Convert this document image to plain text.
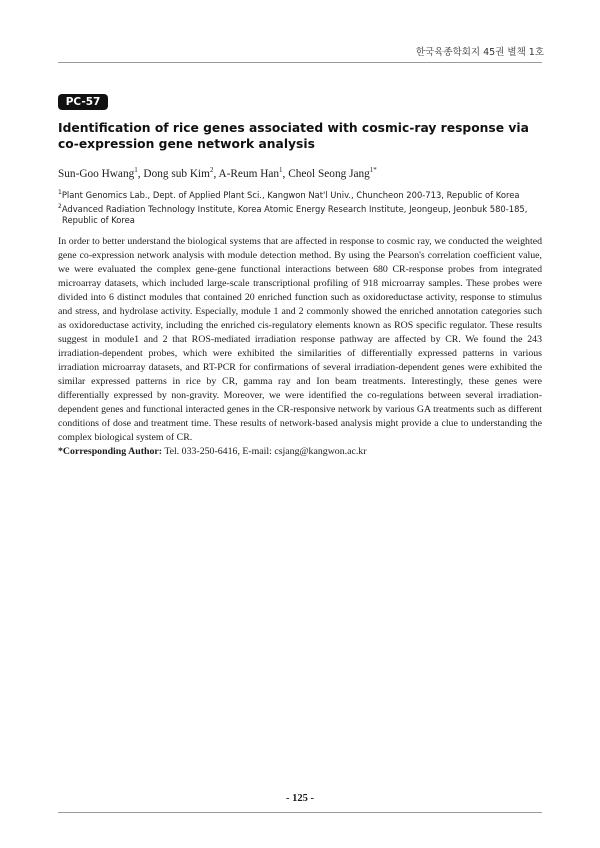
한국육종학회지 45권 별책 1호
PC-57
Identification of rice genes associated with cosmic-ray response via co-expression gene network analysis
Sun-Goo Hwang$^1$, Dong sub Kim$^2$, A-Reum Han$^1$, Cheol Seong Jang$^{1*}$
$^1$Plant Genomics Lab., Dept. of Applied Plant Sci., Kangwon Nat'l Univ., Chuncheon 200-713, Republic of Korea
$^2$Advanced Radiation Technology Institute, Korea Atomic Energy Research Institute, Jeongeup, Jeonbuk 580-185,
Republic of Korea

In order to better understand the biological systems that are affected in response to cosmic ray, we conducted the weighted gene co-expression network analysis with module detection method. By using the Pearson's correlation coefficient value, we were evaluated the complex gene-gene functional interactions between 680 CR-response probes from integrated microarray datasets, which included large-scale transcriptional profiling of 918 microarray samples. These probes were divided into 6 distinct modules that contained 20 enriched function such as oxidoreductase activity, response to stimulus and stress, and hydrolase activity. Especially, module 1 and 2 commonly showed the enriched annotation categories such as oxidoreductase activity, including the enriched cis-regulatory elements known as ROS specific regulator. These results suggest in module1 and 2 that ROS-mediated irradiation response pathway are affected by CR. We found the 243 irradiation-dependent probes, which were exhibited the similarities of differentially expressed patterns in various irradiation microarray datasets, and RT-PCR for confirmations of several irradiation-dependent genes were exhibited the similar expressed patterns in rice by CR, gamma ray and Ion beam treatments. Interestingly, these genes were differentially expressed by non-gravity. Moreover, we were identified the co-regulations between several irradiation-dependent genes and functional interacted genes in the CR-responsive network by various GA treatments such as different conditions of dose and treatment time. These results of network-based analysis might provide a clue to understanding the complex biological system of CR.

*Corresponding Author: Tel. 033-250-6416, E-mail: csjang@kangwon.ac.kr
- 125 -
